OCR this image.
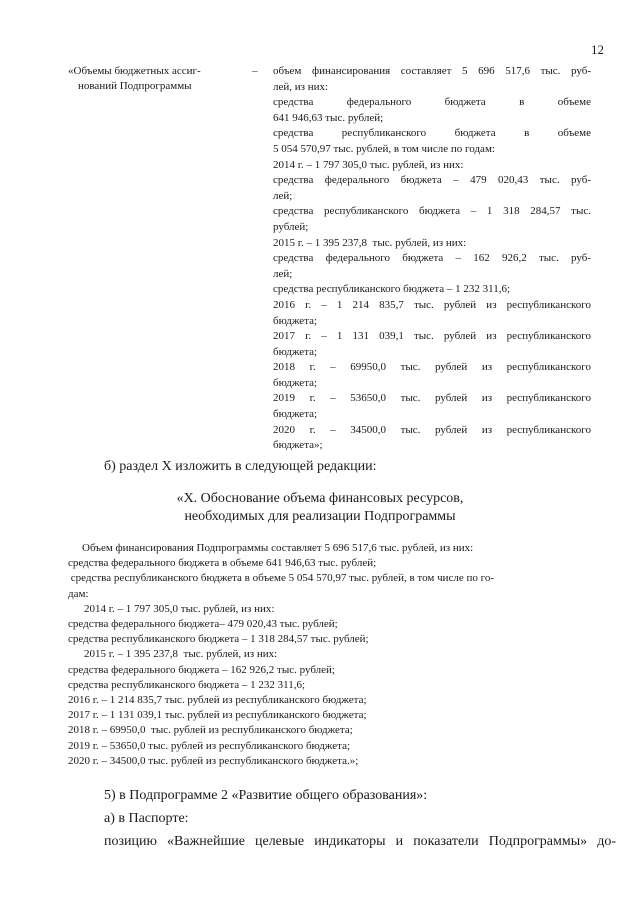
12
«Объемы бюджетных ассиг-
нований Подпрограммы
– объем финансирования составляет 5 696 517,6 тыс. руб-
лей, из них:
средства федерального бюджета в объеме
641 946,63 тыс. рублей;
средства республиканского бюджета в объеме
5 054 570,97 тыс. рублей, в том числе по годам:
2014 г. – 1 797 305,0 тыс. рублей, из них:
средства федерального бюджета – 479 020,43 тыс. руб-
лей;
средства республиканского бюджета – 1 318 284,57 тыс.
рублей;
2015 г. – 1 395 237,8  тыс. рублей, из них:
средства федерального бюджета – 162 926,2 тыс. руб-
лей;
средства республиканского бюджета – 1 232 311,6;
2016 г. – 1 214 835,7 тыс. рублей из республиканского
бюджета;
2017 г. – 1 131 039,1 тыс. рублей из республиканского
бюджета;
2018 г. – 69950,0 тыс. рублей из республиканского
бюджета;
2019 г. – 53650,0 тыс. рублей из республиканского
бюджета;
2020 г. – 34500,0 тыс. рублей из республиканского
бюджета»;
б) раздел X изложить в следующей редакции:
«X. Обоснование объема финансовых ресурсов,
необходимых для реализации Подпрограммы
Объем финансирования Подпрограммы составляет 5 696 517,6 тыс. рублей, из них:
средства федерального бюджета в объеме 641 946,63 тыс. рублей;
средства республиканского бюджета в объеме 5 054 570,97 тыс. рублей, в том числе по го-
дам:
2014 г. – 1 797 305,0 тыс. рублей, из них:
средства федерального бюджета– 479 020,43 тыс. рублей;
средства республиканского бюджета – 1 318 284,57 тыс. рублей;
2015 г. – 1 395 237,8  тыс. рублей, из них:
средства федерального бюджета – 162 926,2 тыс. рублей;
средства республиканского бюджета – 1 232 311,6;
2016 г. – 1 214 835,7 тыс. рублей из республиканского бюджета;
2017 г. – 1 131 039,1 тыс. рублей из республиканского бюджета;
2018 г. – 69950,0  тыс. рублей из республиканского бюджета;
2019 г. – 53650,0 тыс. рублей из республиканского бюджета;
2020 г. – 34500,0 тыс. рублей из республиканского бюджета.»;
5) в Подпрограмме 2 «Развитие общего образования»:
а) в Паспорте:
позицию «Важнейшие целевые индикаторы и показатели Подпрограммы» до-
